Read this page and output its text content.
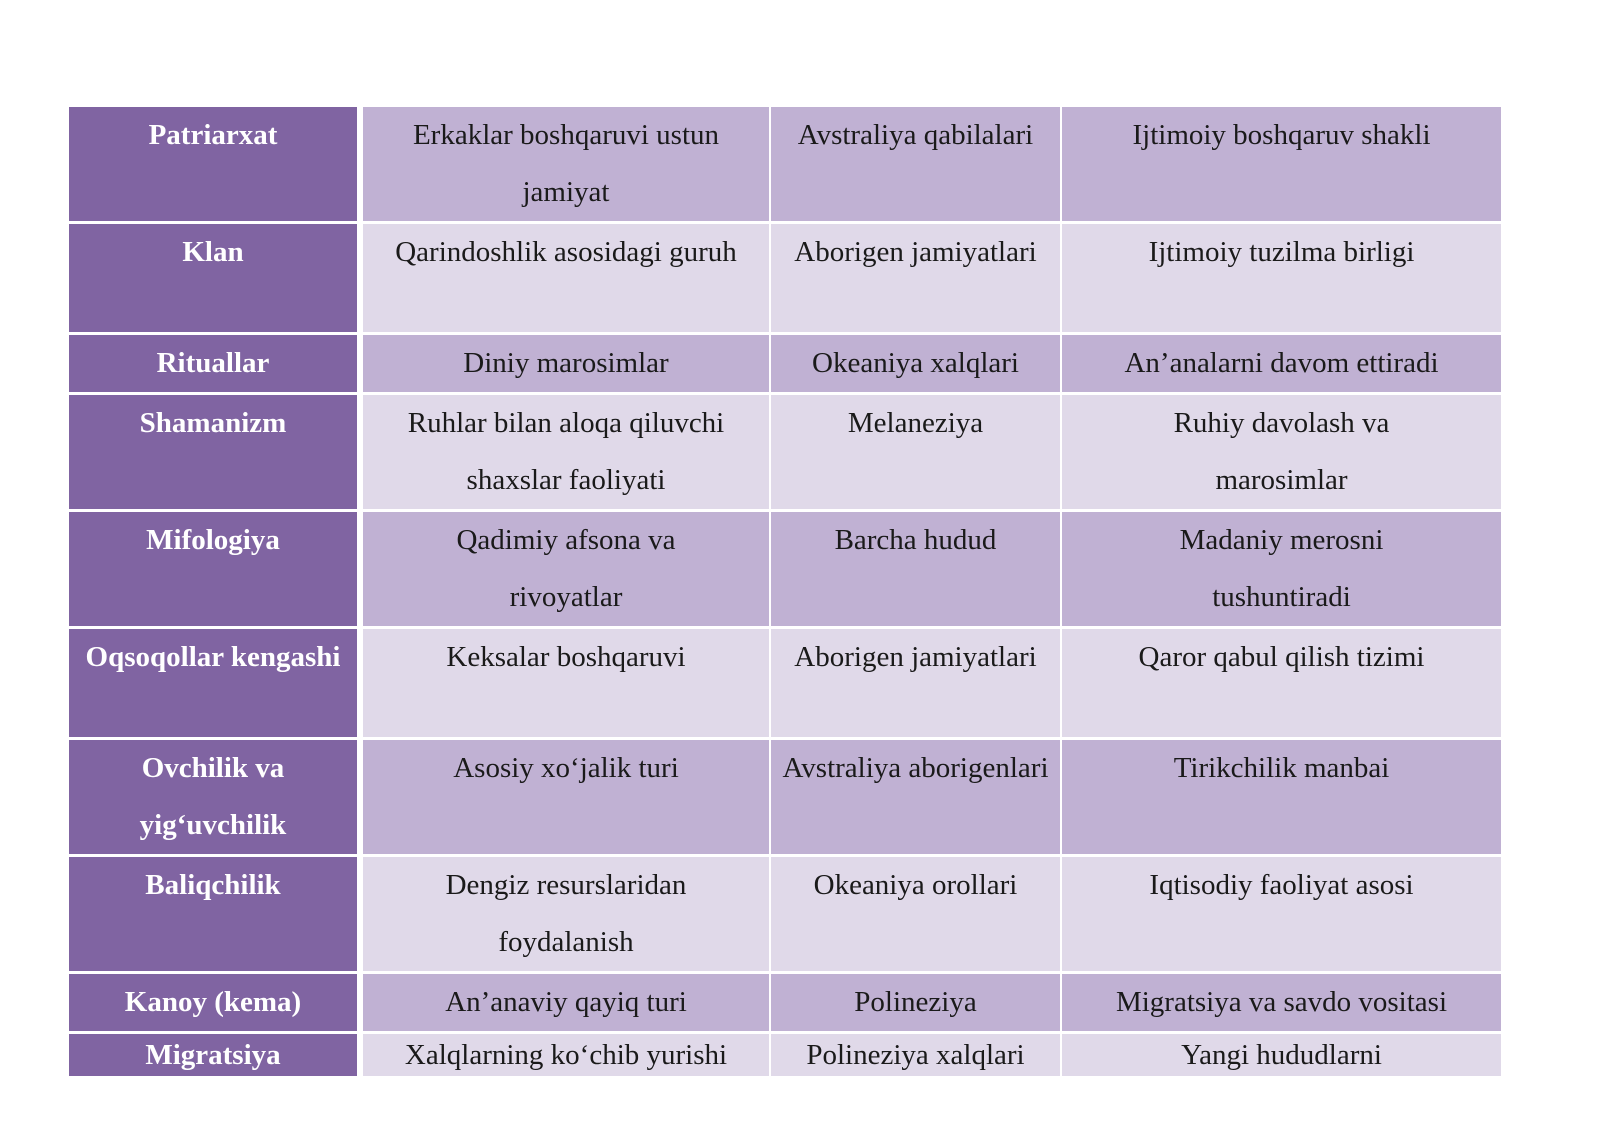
Patriarxat	Erkaklar boshqaruvi ustun jamiyat	Avstraliya qabilalari	Ijtimoiy boshqaruv shakli
Klan	Qarindoshlik asosidagi guruh	Aborigen jamiyatlari	Ijtimoiy tuzilma birligi
Rituallar	Diniy marosimlar	Okeaniya xalqlari	An’analarni davom ettiradi
Shamanizm	Ruhlar bilan aloqa qiluvchi shaxslar faoliyati	Melaneziya	Ruhiy davolash va marosimlar
Mifologiya	Qadimiy afsona va rivoyatlar	Barcha hudud	Madaniy merosni tushuntiradi
Oqsoqollar kengashi	Keksalar boshqaruvi	Aborigen jamiyatlari	Qaror qabul qilish tizimi
Ovchilik va yig‘uvchilik	Asosiy xo‘jalik turi	Avstraliya aborigenlari	Tirikchilik manbai
Baliqchilik	Dengiz resurslaridan foydalanish	Okeaniya orollari	Iqtisodiy faoliyat asosi
Kanoy (kema)	An’anaviy qayiq turi	Polineziya	Migratsiya va savdo vositasi
Migratsiya	Xalqlarning ko‘chib yurishi	Polineziya xalqlari	Yangi hududlarni
